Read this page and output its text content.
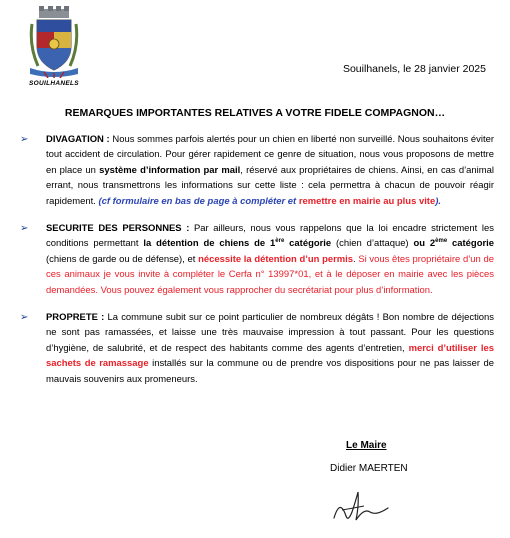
SOUILHANELS
Souilhanels, le 28 janvier 2025
REMARQUES IMPORTANTES RELATIVES A VOTRE FIDELE COMPAGNON…
➢ DIVAGATION : Nous sommes parfois alertés pour un chien en liberté non surveillé. Nous souhaitons éviter tout accident de circulation. Pour gérer rapidement ce genre de situation, nous vous proposons de mettre en place un système d’information par mail, réservé aux propriétaires de chiens. Ainsi, en cas d’animal errant, nous transmettrons les informations sur cette liste : cela permettra à chacun de pouvoir réagir rapidement. (cf formulaire en bas de page à compléter et remettre en mairie au plus vite).

➢ SECURITE DES PERSONNES : Par ailleurs, nous vous rappelons que la loi encadre strictement les conditions permettant la détention de chiens de 1ère catégorie (chien d’attaque) ou 2ème catégorie (chiens de garde ou de défense), et nécessite la détention d’un permis. Si vous êtes propriétaire d’un de ces animaux je vous invite à compléter le Cerfa n° 13997*01, et à le déposer en mairie avec les pièces demandées. Vous pouvez également vous rapprocher du secrétariat pour plus d’information.

➢ PROPRETE : La commune subit sur ce point particulier de nombreux dégâts ! Bon nombre de déjections ne sont pas ramassées, et laisse une très mauvaise impression à tout passant. Pour les questions d’hygiène, de salubrité, et de respect des habitants comme des agents d’entretien, merci d’utiliser les sachets de ramassage installés sur la commune ou de prendre vos dispositions pour ne pas laisser de mauvais souvenirs aux promeneurs.

Le Maire
Didier MAERTEN
